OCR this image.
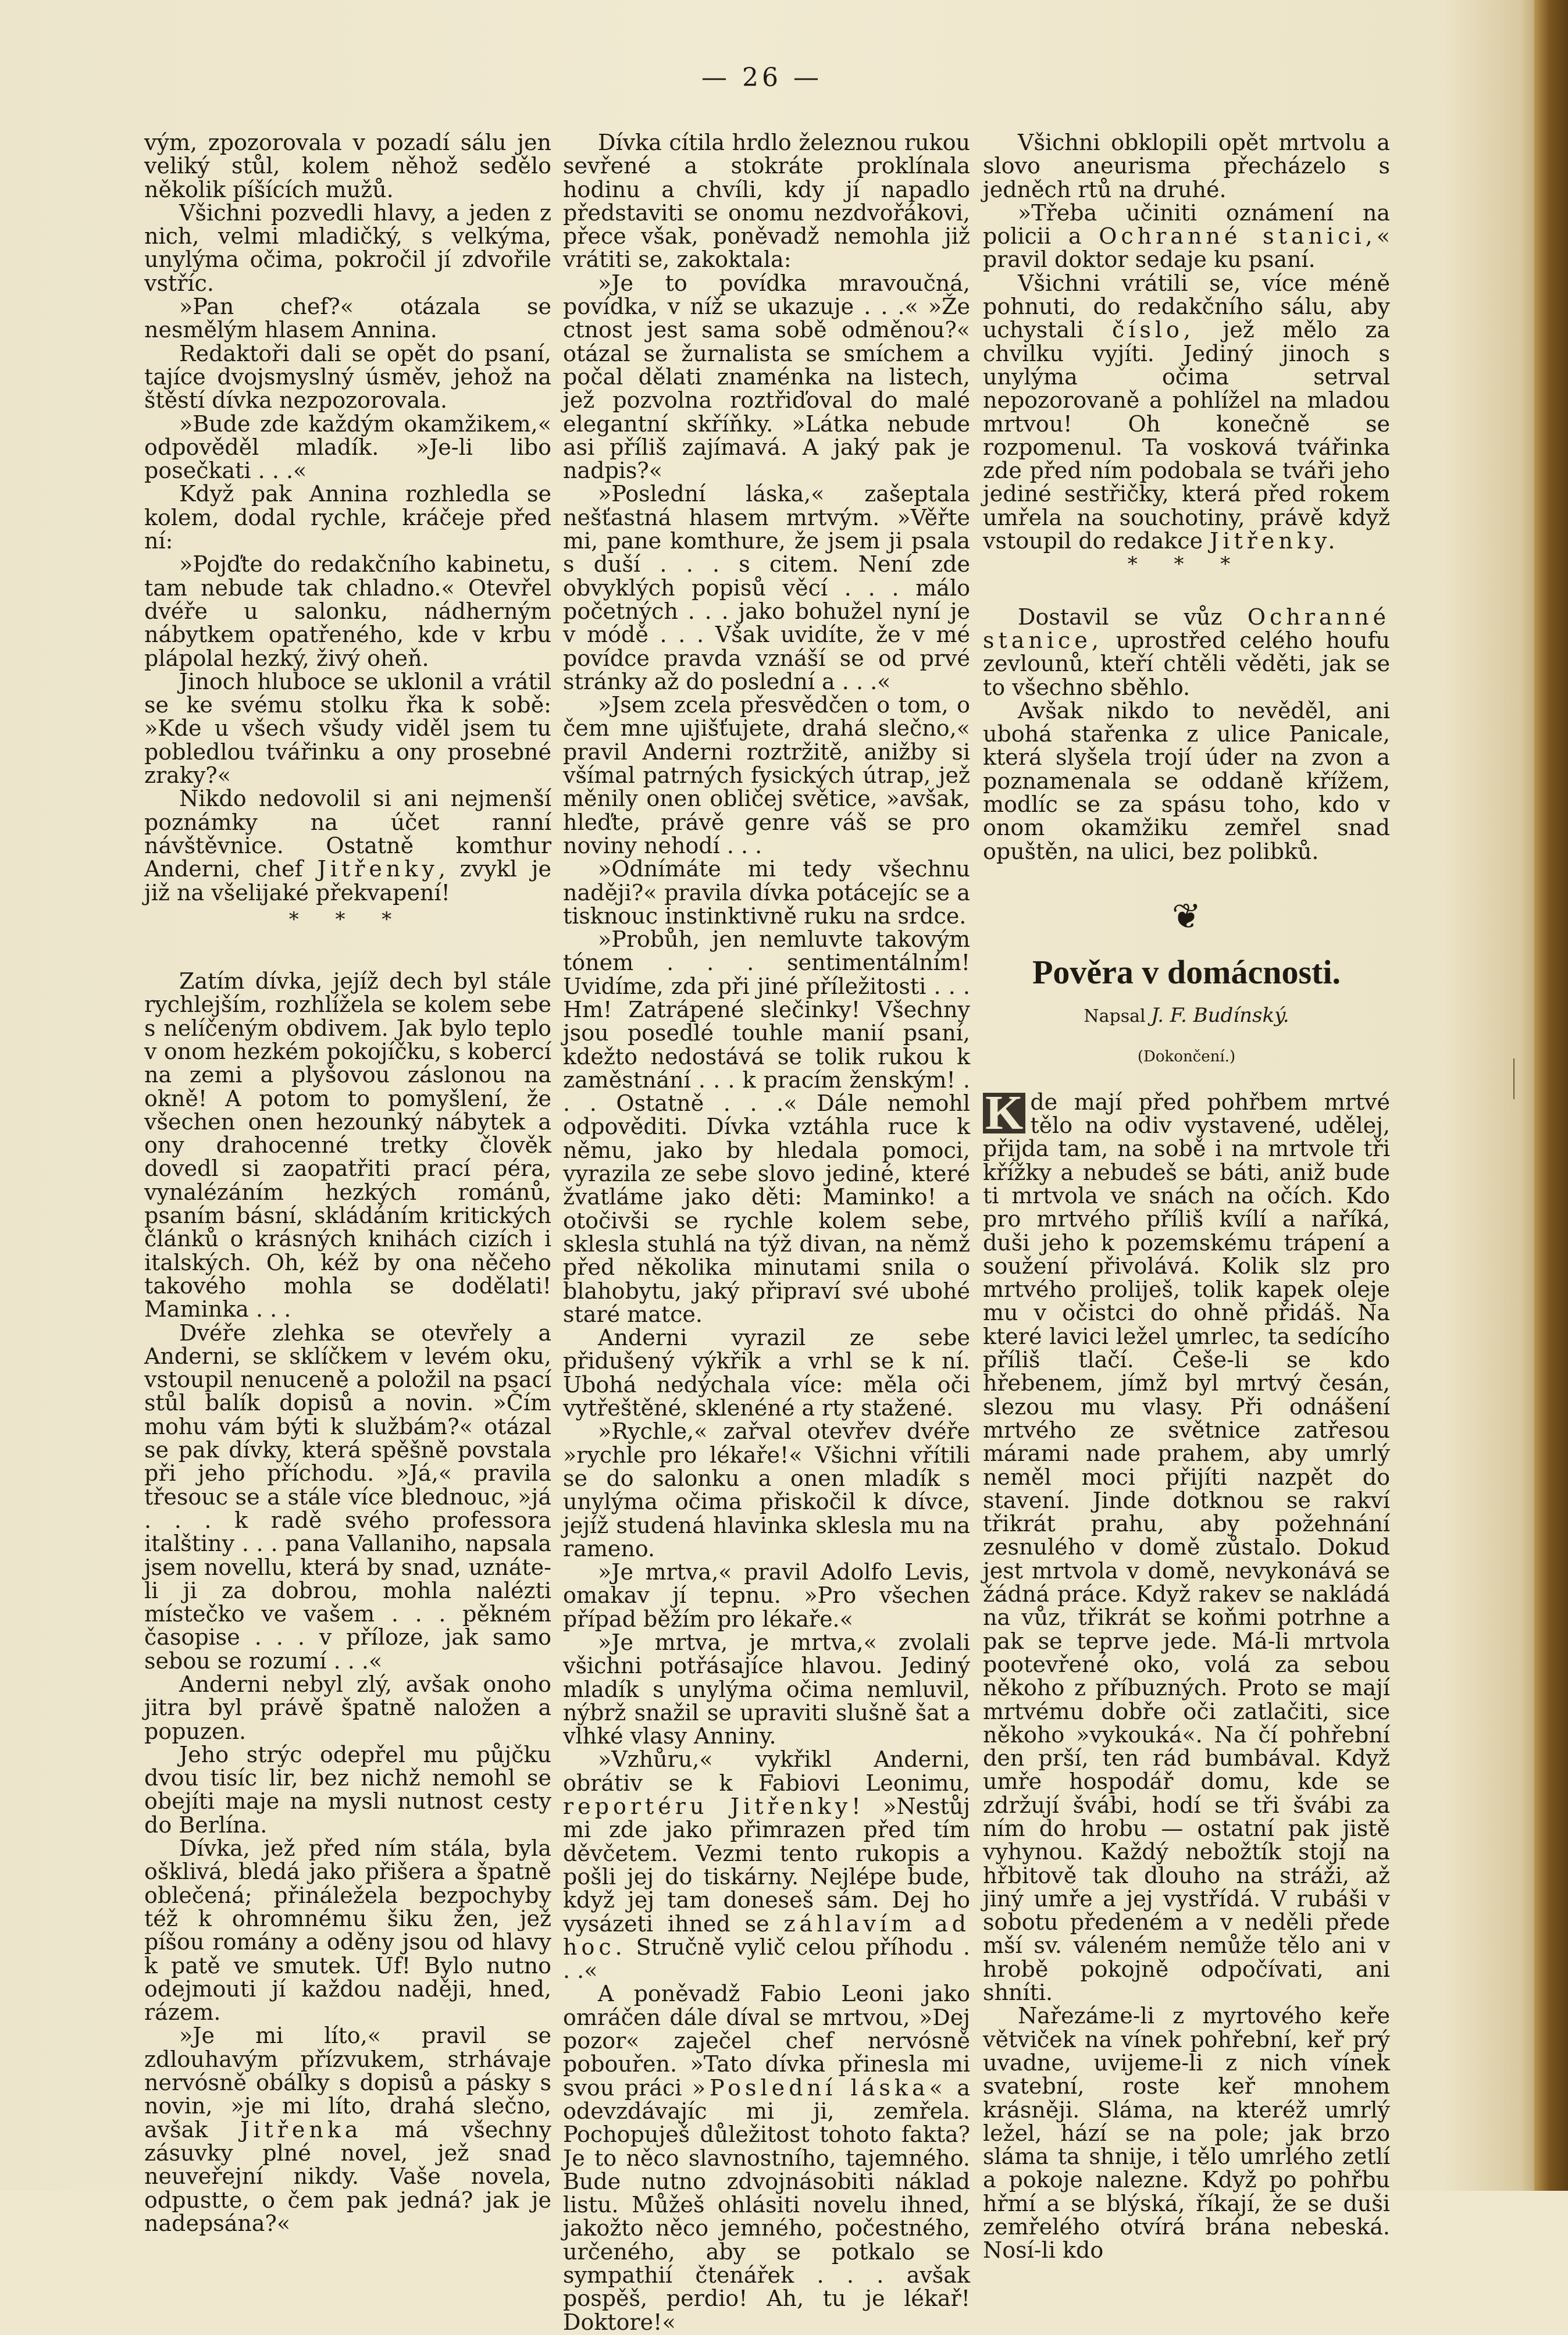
— 26 —

vým, zpozorovala v pozadí sálu jen veliký stůl, kolem něhož sedělo několik píšících mužů.

Všichni pozvedli hlavy, a jeden z nich, velmi mladičký, s velkýma, unylýma očima, pokročil jí zdvořile vstříc.

»Pan chef?« otázala se nesmělým hlasem Annina.

Redaktoři dali se opět do psaní, tajíce dvojsmyslný úsměv, jehož na štěstí dívka nezpozorovala.

»Bude zde každým okamžikem,« odpověděl mladík. »Je-li libo posečkati . . .«

Když pak Annina rozhledla se kolem, dodal rychle, kráčeje před ní:

»Pojďte do redakčního kabinetu, tam nebude tak chladno.« Otevřel dvéře u salonku, nádherným nábytkem opatřeného, kde v krbu plápolal hezký, živý oheň.

Jinoch hluboce se uklonil a vrátil se ke svému stolku řka k sobě: »Kde u všech všudy viděl jsem tu pobledlou tvářinku a ony prosebné zraky?«

Nikdo nedovolil si ani nejmenší poznámky na účet ranní návštěvnice. Ostatně komthur Anderni, chef Jitřenky, zvykl je již na všelijaké překvapení!

* * *

Zatím dívka, jejíž dech byl stále rychlejším, rozhlížela se kolem sebe s nelíčeným obdivem. Jak bylo teplo v onom hezkém pokojíčku, s kobercí na zemi a plyšovou záslonou na okně! A potom to pomyšlení, že všechen onen hezounký nábytek a ony drahocenné tretky člověk dovedl si zaopatřiti prací péra, vynalézáním hezkých románů, psaním básní, skládáním kritických článků o krásných knihách cizích i italských. Oh, kéž by ona něčeho takového mohla se dodělati! Maminka . . .

Dvéře zlehka se otevřely a Anderni, se sklíčkem v levém oku, vstoupil nenuceně a položil na psací stůl balík dopisů a novin. »Čím mohu vám býti k službám?« otázal se pak dívky, která spěšně povstala při jeho příchodu. »Já,« pravila třesouc se a stále více blednouc, »já . . . k radě svého professora italštiny . . . pana Vallaniho, napsala jsem novellu, která by snad, uznáte-li ji za dobrou, mohla nalézti místečko ve vašem . . . pěkném časopise . . . v příloze, jak samo sebou se rozumí . . .«

Anderni nebyl zlý, avšak onoho jitra byl právě špatně naložen a popuzen.

Jeho strýc odepřel mu půjčku dvou tisíc lir, bez nichž nemohl se obejíti maje na mysli nutnost cesty do Berlína.

Dívka, jež před ním stála, byla ošklivá, bledá jako přišera a špatně oblečená; přináležela bezpochyby též k ohromnému šiku žen, jež píšou romány a oděny jsou od hlavy k patě ve smutek. Uf! Bylo nutno odejmouti jí každou naději, hned, rázem.

»Je mi líto,« pravil se zdlouhavým přízvukem, strhávaje nervósně obálky s dopisů a pásky s novin, »je mi líto, drahá slečno, avšak Jitřenka má všechny zásuvky plné novel, jež snad neuveřejní nikdy. Vaše novela, odpustte, o čem pak jedná? jak je nadepsána?«

Dívka cítila hrdlo železnou rukou sevřené a stokráte proklínala hodinu a chvíli, kdy jí napadlo představiti se onomu nezdvořákovi, přece však, poněvadž nemohla již vrátiti se, zakoktala:

»Je to povídka mravoučná, povídka, v níž se ukazuje . . .« »Že ctnost jest sama sobě odměnou?« otázal se žurnalista se smíchem a počal dělati znaménka na listech, jež pozvolna roztřiďoval do malé elegantní skříňky. »Látka nebude asi příliš zajímavá. A jaký pak je nadpis?«

»Poslední láska,« zašeptala nešťastná hlasem mrtvým. »Věřte mi, pane komthure, že jsem ji psala s duší . . . s citem. Není zde obvyklých popisů věcí . . . málo početných . . . jako bohužel nyní je v módě . . . Však uvidíte, že v mé povídce pravda vznáší se od prvé stránky až do poslední a . . .«

»Jsem zcela přesvědčen o tom, o čem mne ujišťujete, drahá slečno,« pravil Anderni roztržitě, anižby si všímal patrných fysických útrap, jež měnily onen obličej světice, »avšak, hleďte, právě genre váš se pro noviny nehodí . . .

»Odnímáte mi tedy všechnu naději?« pravila dívka potácejíc se a tisknouc instinktivně ruku na srdce.

»Probůh, jen nemluvte takovým tónem . . . sentimentálním! Uvidíme, zda při jiné příležitosti . . . Hm! Zatrápené slečinky! Všechny jsou posedlé touhle manií psaní, kdežto nedostává se tolik rukou k zaměstnání . . . k pracím ženským! . . . Ostatně . . .« Dále nemohl odpověditi. Dívka vztáhla ruce k němu, jako by hledala pomoci, vyrazila ze sebe slovo jediné, které žvatláme jako děti: Maminko! a otočivši se rychle kolem sebe, sklesla stuhlá na týž divan, na němž před několika minutami snila o blahobytu, jaký připraví své ubohé staré matce.

Anderni vyrazil ze sebe přidušený výkřik a vrhl se k ní. Ubohá nedýchala více: měla oči vytřeštěné, sklenéné a rty stažené.

»Rychle,« zařval otevřev dvéře »rychle pro lékaře!« Všichni vřítili se do salonku a onen mladík s unylýma očima přiskočil k dívce, jejíž studená hlavinka sklesla mu na rameno.

»Je mrtva,« pravil Adolfo Levis, omakav jí tepnu. »Pro všechen případ běžím pro lékaře.«

»Je mrtva, je mrtva,« zvolali všichni potřásajíce hlavou. Jediný mladík s unylýma očima nemluvil, nýbrž snažil se upraviti slušně šat a vlhké vlasy Anniny.

»Vzhůru,« vykřikl Anderni, obrátiv se k Fabiovi Leonimu, reportéru Jitřenky! »Nestůj mi zde jako přimrazen před tím děvčetem. Vezmi tento rukopis a pošli jej do tiskárny. Nejlépe bude, když jej tam doneseš sám. Dej ho vysázeti ihned se záhlavím ad hoc. Stručně vylič celou příhodu . . .«

A poněvadž Fabio Leoni jako omráčen dále díval se mrtvou, »Dej pozor« zaječel chef nervósně pobouřen. »Tato dívka přinesla mi svou práci »Poslední láska« a odevzdávajíc mi ji, zemřela. Pochopuješ důležitost tohoto fakta? Je to něco slavnostního, tajemného. Bude nutno zdvojnásobiti náklad listu. Můžeš ohlásiti novelu ihned, jakožto něco jemného, počestného, určeného, aby se potkalo se sympathií čtenářek . . . avšak pospěš, perdio! Ah, tu je lékař! Doktore!«

Všichni obklopili opět mrtvolu a slovo aneurisma přecházelo s jedněch rtů na druhé.

»Třeba učiniti oznámení na policii a Ochranné stanici,« pravil doktor sedaje ku psaní.

Všichni vrátili se, více méně pohnuti, do redakčního sálu, aby uchystali číslo, jež mělo za chvilku vyjíti. Jediný jinoch s unylýma očima setrval nepozorovaně a pohlížel na mladou mrtvou! Oh konečně se rozpomenul. Ta vosková tvářinka zde před ním podobala se tváři jeho jediné sestřičky, která před rokem umřela na souchotiny, právě když vstoupil do redakce Jitřenky.

* * *

Dostavil se vůz Ochranné stanice, uprostřed celého houfu zevlounů, kteří chtěli věděti, jak se to všechno sběhlo.

Avšak nikdo to nevěděl, ani ubohá stařenka z ulice Panicale, která slyšela trojí úder na zvon a poznamenala se oddaně křížem, modlíc se za spásu toho, kdo v onom okamžiku zemřel snad opuštěn, na ulici, bez polibků.

❦
Pověra v domácnosti.
Napsal J. F. Budínský.
(Dokončení.)

K de mají před pohřbem mrtvé tělo na odiv vystavené, udělej, přijda tam, na sobě i na mrtvole tři křížky a nebudeš se báti, aniž bude ti mrtvola ve snách na očích. Kdo pro mrtvého příliš kvílí a naříká, duši jeho k pozemskému trápení a soužení přivolává. Kolik slz pro mrtvého proliješ, tolik kapek oleje mu v očistci do ohně přidáš. Na které lavici ležel umrlec, ta sedícího příliš tlačí. Češe-li se kdo hřebenem, jímž byl mrtvý česán, slezou mu vlasy. Při odnášení mrtvého ze světnice zatřesou márami nade prahem, aby umrlý neměl moci přijíti nazpět do stavení. Jinde dotknou se rakví třikrát prahu, aby požehnání zesnulého v domě zůstalo. Dokud jest mrtvola v domě, nevykonává se žádná práce. Když rakev se nakládá na vůz, třikrát se koňmi potrhne a pak se teprve jede. Má-li mrtvola pootevřené oko, volá za sebou někoho z příbuzných. Proto se mají mrtvému dobře oči zatlačiti, sice někoho »vykouká«. Na čí pohřební den prší, ten rád bumbával. Když umře hospodář domu, kde se zdržují švábi, hodí se tři švábi za ním do hrobu — ostatní pak jistě vyhynou. Každý nebožtík stojí na hřbitově tak dlouho na stráži, až jiný umře a jej vystřídá. V rubáši v sobotu předeném a v neděli přede mší sv. váleném nemůže tělo ani v hrobě pokojně odpočívati, ani shníti.

Nařezáme-li z myrtového keře větviček na vínek pohřební, keř prý uvadne, uvijeme-li z nich vínek svatební, roste keř mnohem krásněji. Sláma, na kteréž umrlý ležel, hází se na pole; jak brzo sláma ta shnije, i tělo umrlého zetlí a pokoje nalezne. Když po pohřbu hřmí a se blýská, říkají, že se duši zemřelého otvírá brána nebeská. Nosí-li kdo
